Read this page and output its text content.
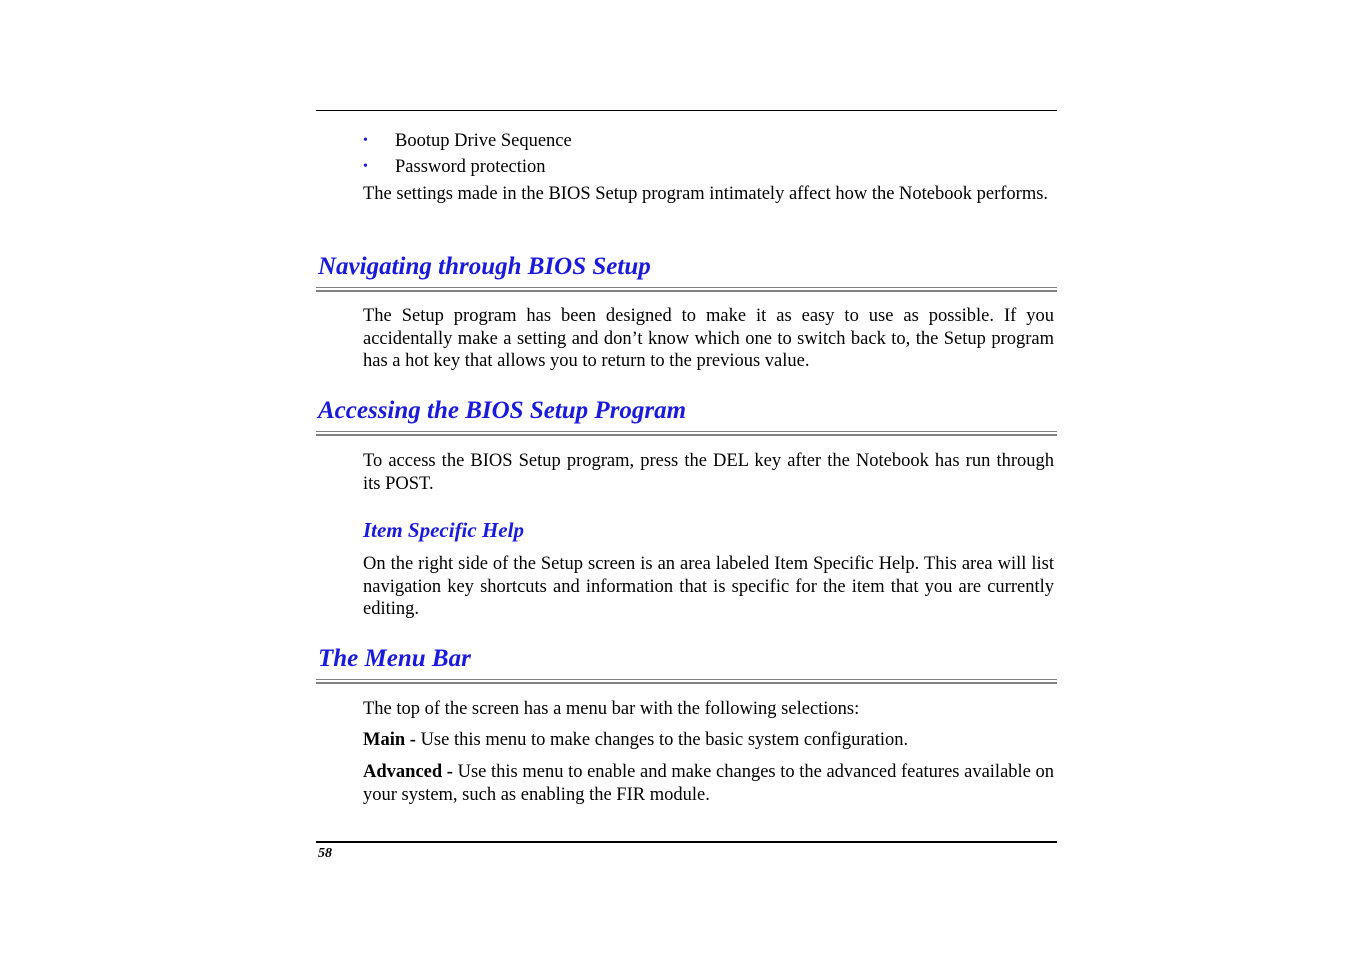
• Bootup Drive Sequence
• Password protection

The settings made in the BIOS Setup program intimately affect how the Notebook performs.

Navigating through BIOS Setup

The Setup program has been designed to make it as easy to use as possible. If you accidentally make a setting and don’t know which one to switch back to, the Setup program has a hot key that allows you to return to the previous value.

Accessing the BIOS Setup Program

To access the BIOS Setup program, press the DEL key after the Notebook has run through its POST.

Item Specific Help

On the right side of the Setup screen is an area labeled Item Specific Help. This area will list navigation key shortcuts and information that is specific for the item that you are currently editing.

The Menu Bar

The top of the screen has a menu bar with the following selections:

Main - Use this menu to make changes to the basic system configuration.

Advanced - Use this menu to enable and make changes to the advanced features available on your system, such as enabling the FIR module.

58
